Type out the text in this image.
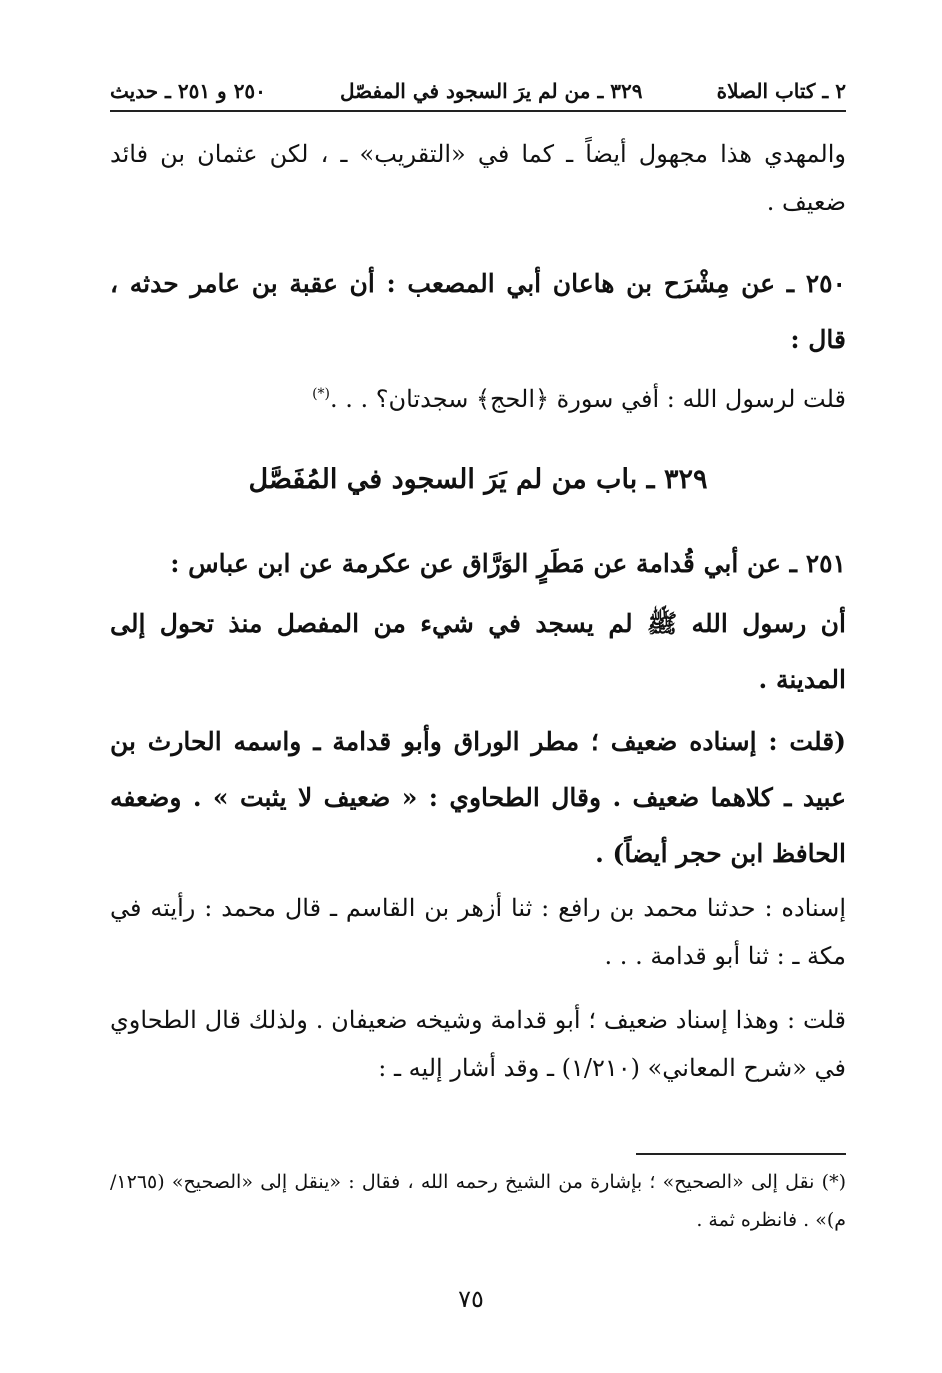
٢ ـ كتاب الصلاة
٣٢٩ ـ من لم يرَ السجود في المفصّل
٢٥٠ و ٢٥١ ـ حديث

والمهدي هذا مجهول أيضاً ـ كما في «التقريب» ـ ، لكن عثمان بن فائد ضعيف .

٢٥٠ ـ عن مِشْرَح بن هاعان أبي المصعب : أن عقبة بن عامر حدثه ، قال :

قلت لرسول الله : أفي سورة ﴿الحج﴾ سجدتان؟ . . .(*)

٣٢٩ ـ باب من لم يَرَ السجود في المُفَصَّل

٢٥١ ـ عن أبي قُدامة عن مَطَرٍ الوَرَّاق عن عكرمة عن ابن عباس :

أن رسول الله ﷺ لم يسجد في شيء من المفصل منذ تحول إلى المدينة .

(قلت : إسناده ضعيف ؛ مطر الوراق وأبو قدامة ـ واسمه الحارث بن عبيد ـ كلاهما ضعيف . وقال الطحاوي : « ضعيف لا يثبت » . وضعفه الحافظ ابن حجر أيضاً) .

إسناده : حدثنا محمد بن رافع : ثنا أزهر بن القاسم ـ قال محمد : رأيته في مكة ـ : ثنا أبو قدامة . . .

قلت : وهذا إسناد ضعيف ؛ أبو قدامة وشيخه ضعيفان . ولذلك قال الطحاوي في «شرح المعاني» (١/٢١٠) ـ وقد أشار إليه ـ :

(*) نقل إلى «الصحيح» ؛ بإشارة من الشيخ رحمه الله ، فقال : «ينقل إلى «الصحيح» (١٢٦٥/م)» . فانظره ثمة .

٧٥
